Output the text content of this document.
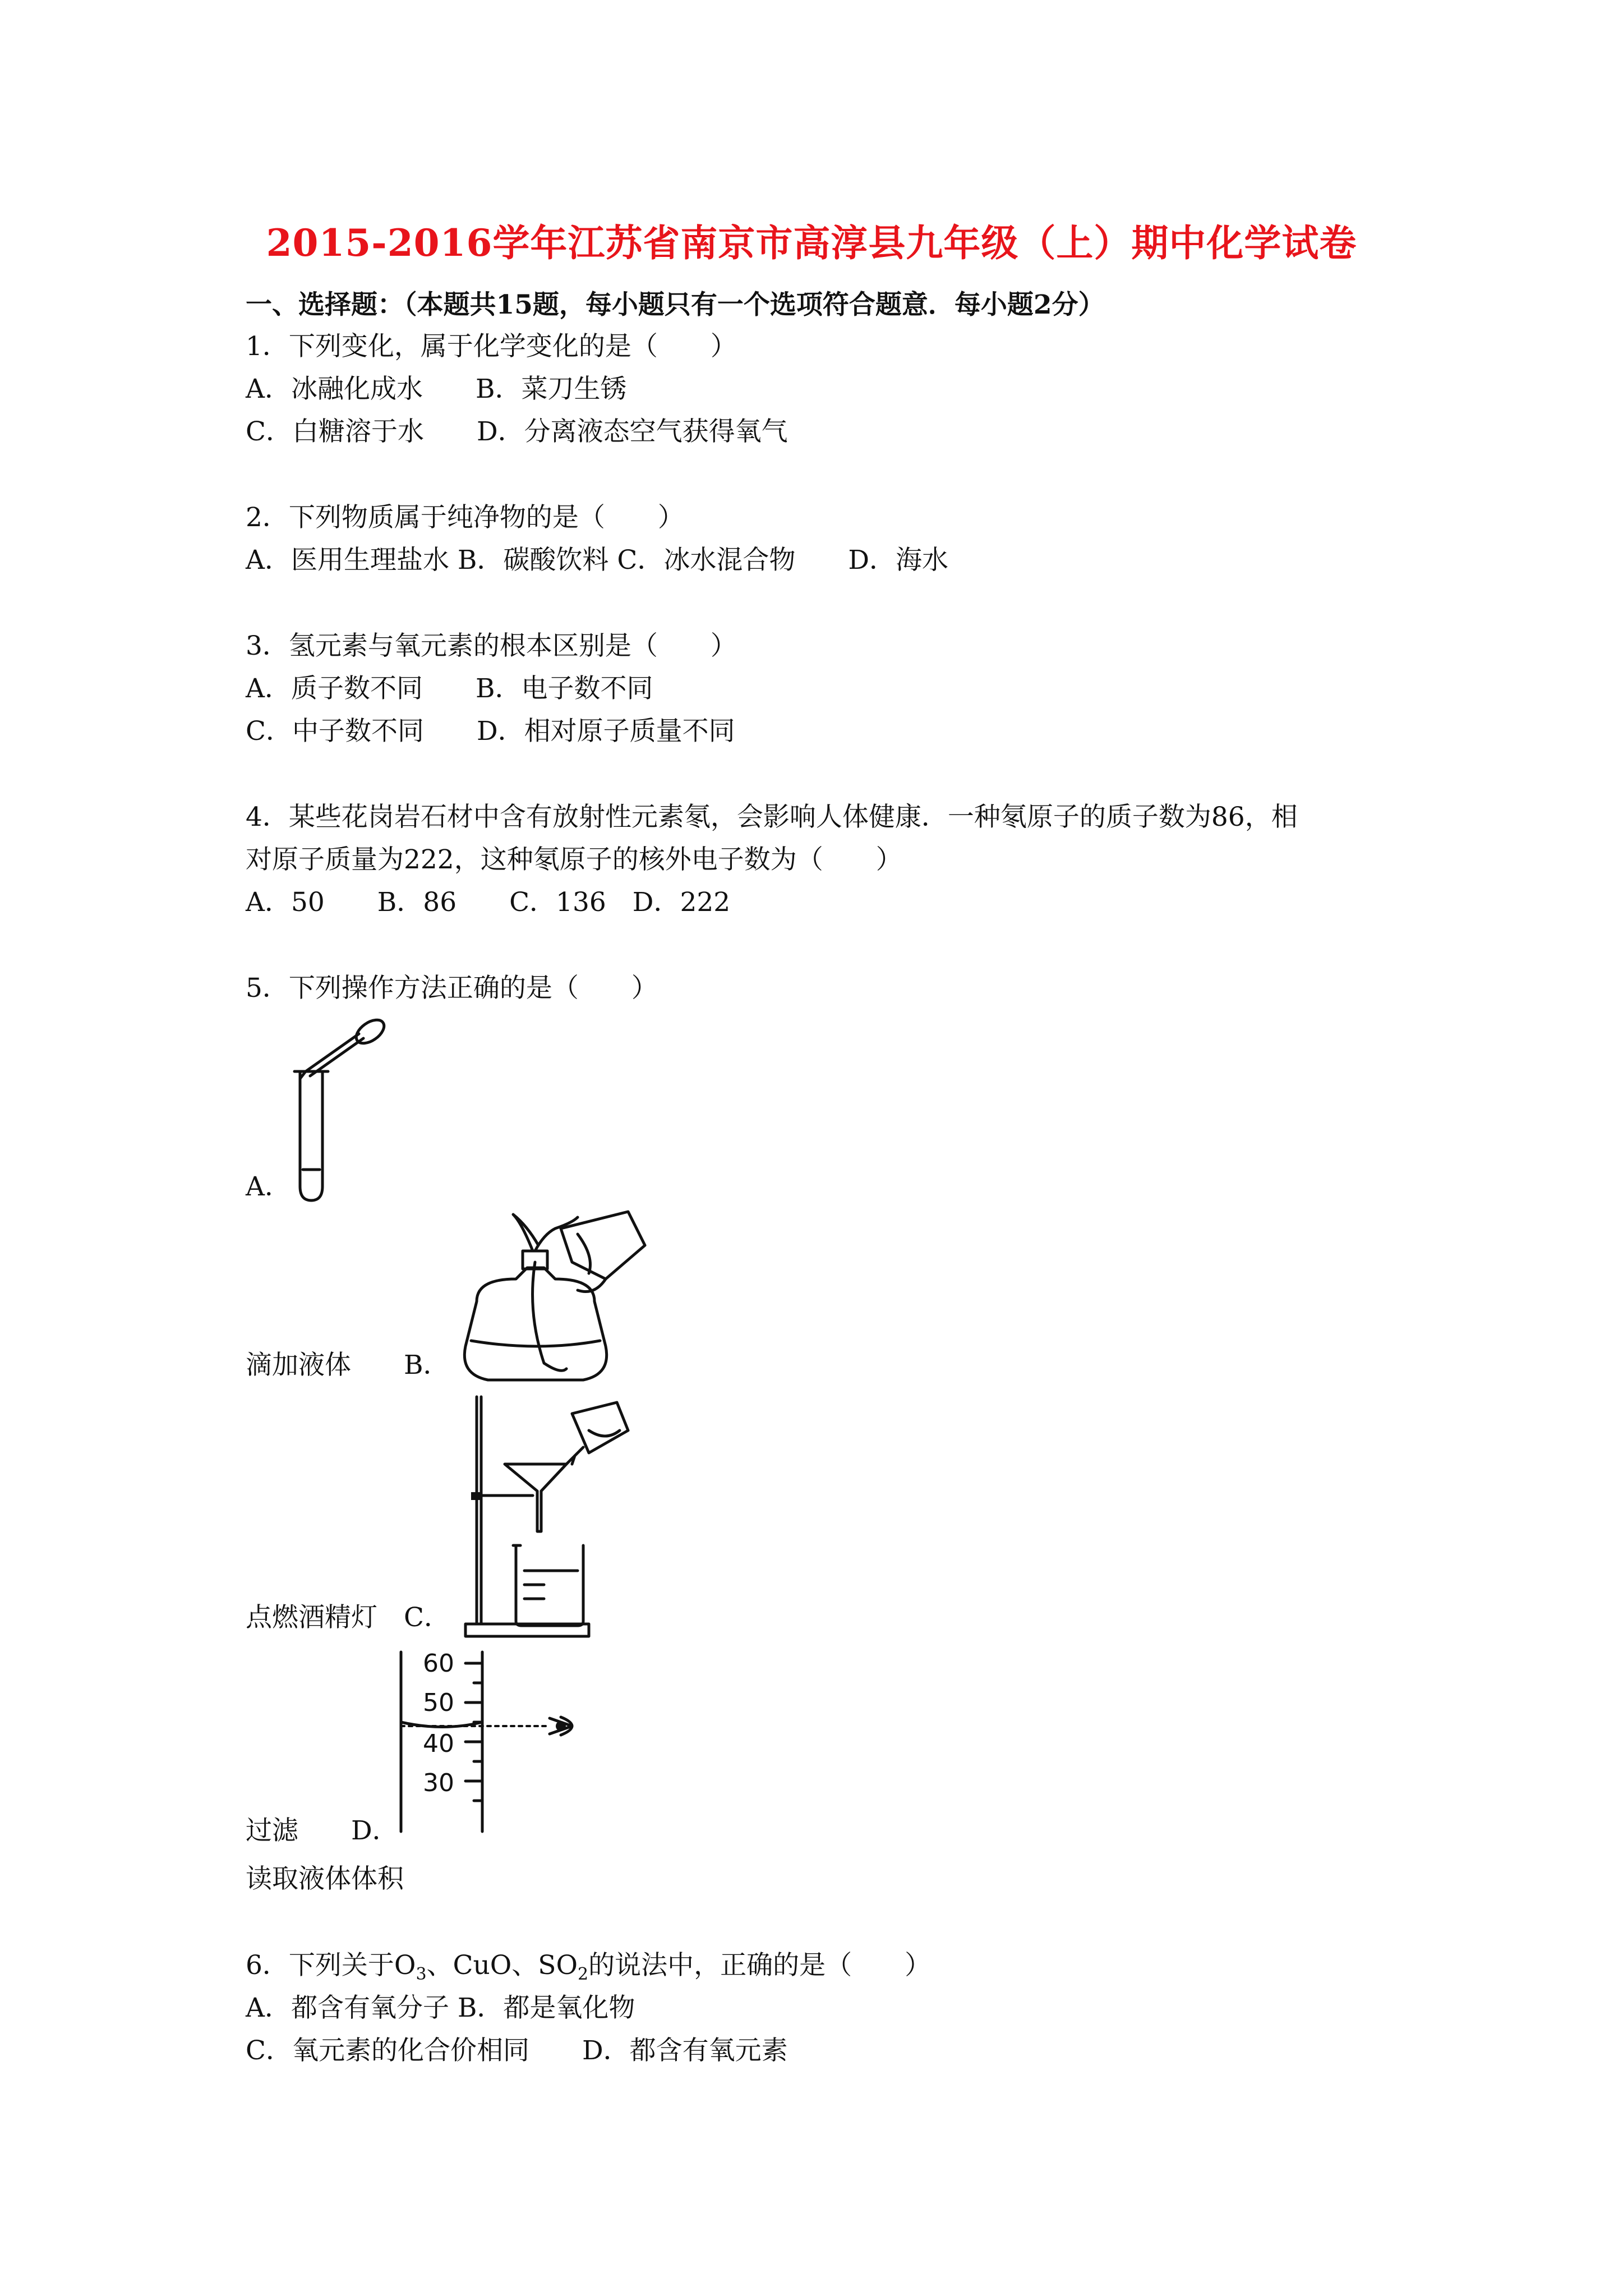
2015-2016学年江苏省南京市高淳县九年级（上）期中化学试卷
一、选择题：（本题共15题，每小题只有一个选项符合题意．每小题2分）
1．下列变化，属于化学变化的是（　　）
A．冰融化成水　　B．菜刀生锈
C．白糖溶于水　　D．分离液态空气获得氧气
2．下列物质属于纯净物的是（　　）
A．医用生理盐水 B．碳酸饮料 C．冰水混合物　　D．海水
3．氢元素与氧元素的根本区别是（　　）
A．质子数不同　　B．电子数不同
C．中子数不同　　D．相对原子质量不同
4．某些花岗岩石材中含有放射性元素氡，会影响人体健康．一种氡原子的质子数为86，相
对原子质量为222，这种氡原子的核外电子数为（　　）
A．50　　B．86　　C．136　D．222
5．下列操作方法正确的是（　　）
A．
滴加液体　　B．
点燃酒精灯　C．
60
50
40
30
过滤　　D．
读取液体体积
6．下列关于$O_3$、CuO、$SO_2$的说法中，正确的是（　　）
A．都含有氧分子 B．都是氧化物
C．氧元素的化合价相同　　D．都含有氧元素
